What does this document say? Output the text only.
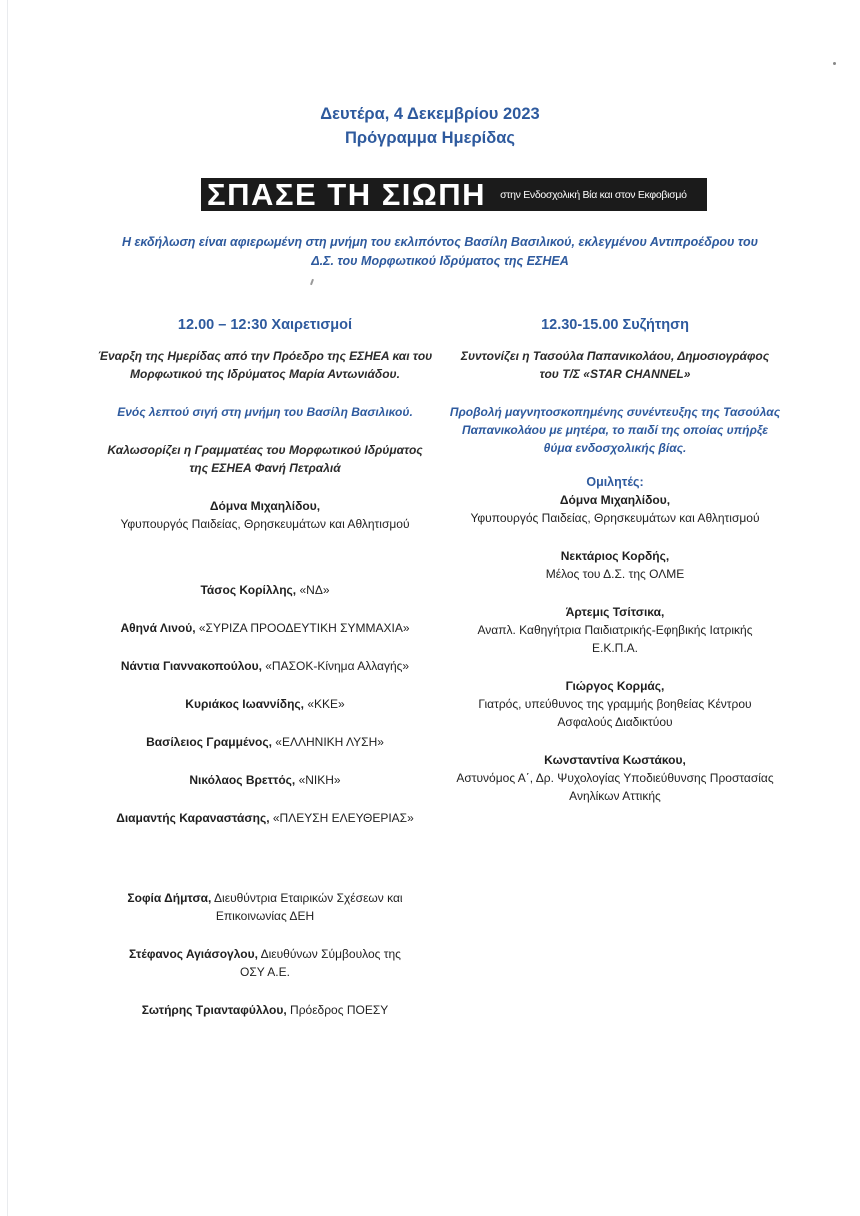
Δευτέρα, 4 Δεκεμβρίου 2023
Πρόγραμμα Ημερίδας
ΣΠΑΣΕ ΤΗ ΣΙΩΠΗ στην Ενδοσχολική Βία και στον Εκφοβισμό
Η εκδήλωση είναι αφιερωμένη στη μνήμη του εκλιπόντος Βασίλη Βασιλικού, εκλεγμένου Αντιπροέδρου του
Δ.Σ. του Μορφωτικού Ιδρύματος της ΕΣΗΕΑ
12.00 – 12:30 Χαιρετισμοί

Έναρξη της Ημερίδας από την Πρόεδρο της ΕΣΗΕΑ και του

Μορφωτικού της Ιδρύματος Μαρία Αντωνιάδου.

Ενός λεπτού σιγή στη μνήμη του Βασίλη Βασιλικού.

Καλωσορίζει η Γραμματέας του Μορφωτικού Ιδρύματος

της ΕΣΗΕΑ Φανή Πετραλιά

Δόμνα Μιχαηλίδου,

Υφυπουργός Παιδείας, Θρησκευμάτων και Αθλητισμού

Τάσος Κορίλλης, «ΝΔ»

Αθηνά Λινού, «ΣΥΡΙΖΑ ΠΡΟΟΔΕΥΤΙΚΗ ΣΥΜΜΑΧΙΑ»

Νάντια Γιαννακοπούλου, «ΠΑΣΟΚ-Κίνημα Αλλαγής»

Κυριάκος Ιωαννίδης, «ΚΚΕ»

Βασίλειος Γραμμένος, «ΕΛΛΗΝΙΚΗ ΛΥΣΗ»

Νικόλαος Βρεττός, «ΝΙΚΗ»

Διαμαντής Καραναστάσης, «ΠΛΕΥΣΗ ΕΛΕΥΘΕΡΙΑΣ»

Σοφία Δήμτσα, Διευθύντρια Εταιρικών Σχέσεων και

Επικοινωνίας ΔΕΗ

Στέφανος Αγιάσογλου, Διευθύνων Σύμβουλος της

ΟΣΥ Α.Ε.

Σωτήρης Τριανταφύλλου, Πρόεδρος ΠΟΕΣΥ

12.30-15.00 Συζήτηση

Συντονίζει η Τασούλα Παπανικολάου, Δημοσιογράφος

του Τ/Σ «STAR CHANNEL»

Προβολή μαγνητοσκοπημένης συνέντευξης της Τασούλας

Παπανικολάου με μητέρα, το παιδί της οποίας υπήρξε

θύμα ενδοσχολικής βίας.

Ομιλητές:

Δόμνα Μιχαηλίδου,

Υφυπουργός Παιδείας, Θρησκευμάτων και Αθλητισμού

Νεκτάριος Κορδής,

Μέλος του Δ.Σ. της ΟΛΜΕ

Άρτεμις Τσίτσικα,

Αναπλ. Καθηγήτρια Παιδιατρικής-Εφηβικής Ιατρικής

Ε.Κ.Π.Α.

Γιώργος Κορμάς,

Γιατρός, υπεύθυνος της γραμμής βοηθείας Κέντρου

Ασφαλούς Διαδικτύου

Κωνσταντίνα Κωστάκου,

Αστυνόμος Α΄, Δρ. Ψυχολογίας Υποδιεύθυνσης Προστασίας

Ανηλίκων Αττικής
